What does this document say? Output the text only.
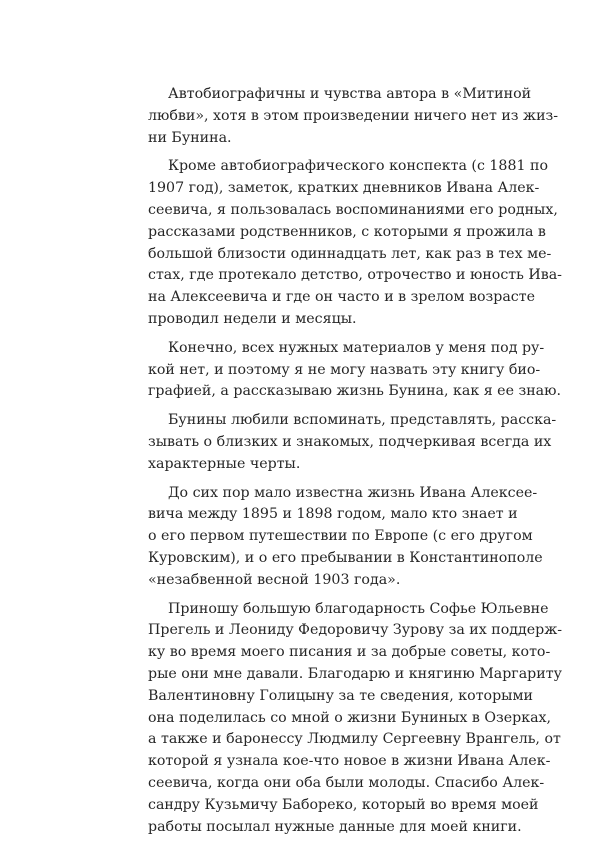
Автобиографичны и чувства автора в «Митиной
любви», хотя в этом произведении ничего нет из жиз-
ни Бунина.
Кроме автобиографического конспекта (с 1881 по
1907 год), заметок, кратких дневников Ивана Алек-
сеевича, я пользовалась воспоминаниями его родных,
рассказами родственников, с которыми я прожила в
большой близости одиннадцать лет, как раз в тех ме-
стах, где протекало детство, отрочество и юность Ива-
на Алексеевича и где он часто и в зрелом возрасте
проводил недели и месяцы.
Конечно, всех нужных материалов у меня под ру-
кой нет, и поэтому я не могу назвать эту книгу био-
графией, а рассказываю жизнь Бунина, как я ее знаю.
Бунины любили вспоминать, представлять, расска-
зывать о близких и знакомых, подчеркивая всегда их
характерные черты.
До сих пор мало известна жизнь Ивана Алексее-
вича между 1895 и 1898 годом, мало кто знает и
о его первом путешествии по Европе (с его другом
Куровским), и о его пребывании в Константинополе
«незабвенной весной 1903 года».
Приношу большую благодарность Софье Юльевне
Прегель и Леониду Федоровичу Зурову за их поддерж-
ку во время моего писания и за добрые советы, кото-
рые они мне давали. Благодарю и княгиню Маргариту
Валентиновну Голицыну за те сведения, которыми
она поделилась со мной о жизни Буниных в Озерках,
а также и баронессу Людмилу Сергеевну Врангель, от
которой я узнала кое-что новое в жизни Ивана Алек-
сеевича, когда они оба были молоды. Спасибо Алек-
сандру Кузьмичу Бабореко, который во время моей
работы посылал нужные данные для моей книги.
